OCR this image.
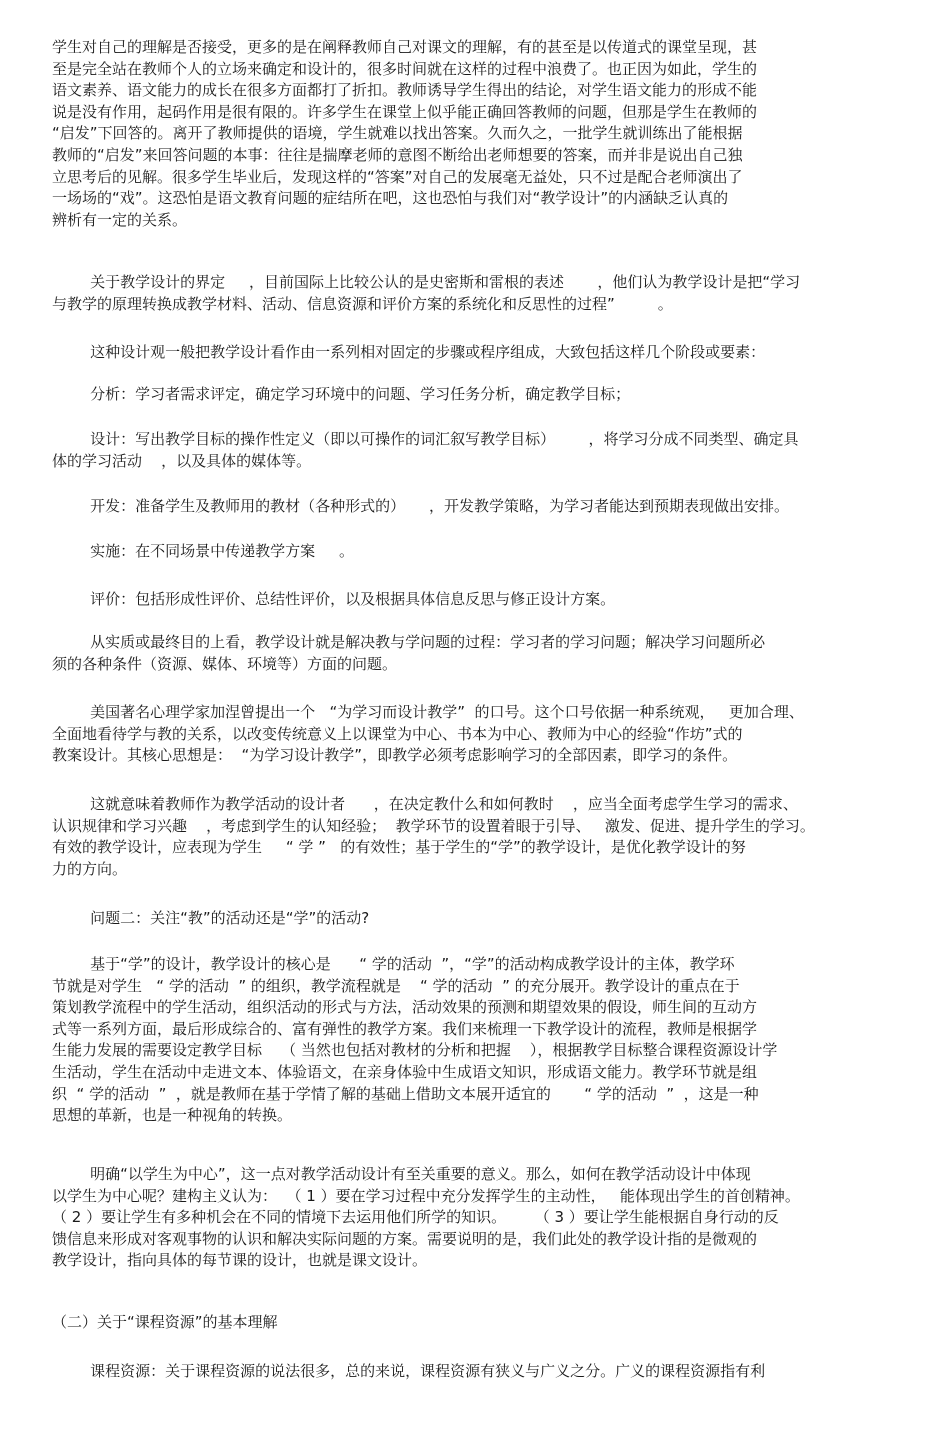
学生对自己的理解是否接受，更多的是在阐释教师自己对课文的理解，有的甚至是以传道式的课堂呈现，甚
至是完全站在教师个人的立场来确定和设计的，很多时间就在这样的过程中浪费了。也正因为如此，学生的
语文素养、语文能力的成长在很多方面都打了折扣。教师诱导学生得出的结论，对学生语文能力的形成不能
说是没有作用，起码作用是很有限的。许多学生在课堂上似乎能正确回答教师的问题，但那是学生在教师的
“启发”下回答的。离开了教师提供的语境，学生就难以找出答案。久而久之，一批学生就训练出了能根据
教师的“启发”来回答问题的本事：往往是揣摩老师的意图不断给出老师想要的答案，而并非是说出自己独
立思考后的见解。很多学生毕业后，发现这样的“答案”对自己的发展毫无益处，只不过是配合老师演出了
一场场的“戏”。这恐怕是语文教育问题的症结所在吧，这也恐怕与我们对“教学设计”的内涵缺乏认真的
辨析有一定的关系。
关于教学设计的界定     ，目前国际上比较公认的是史密斯和雷根的表述       ，他们认为教学设计是把“学习
与教学的原理转换成教学材料、活动、信息资源和评价方案的系统化和反思性的过程”         。
这种设计观一般把教学设计看作由一系列相对固定的步骤或程序组成，大致包括这样几个阶段或要素：
分析：学习者需求评定，确定学习环境中的问题、学习任务分析，确定教学目标；
设计：写出教学目标的操作性定义（即以可操作的词汇叙写教学目标）       ，将学习分成不同类型、确定具
体的学习活动    ，以及具体的媒体等。
开发：准备学生及教师用的教材（各种形式的）     ，开发教学策略，为学习者能达到预期表现做出安排。
实施：在不同场景中传递教学方案     。
评价：包括形成性评价、总结性评价，以及根据具体信息反思与修正设计方案。
从实质或最终目的上看，教学设计就是解决教与学问题的过程：学习者的学习问题；解决学习问题所必
须的各种条件（资源、媒体、环境等）方面的问题。
美国著名心理学家加涅曾提出一个   “为学习而设计教学”  的口号。这个口号依据一种系统观，   更加合理、
全面地看待学与教的关系，以改变传统意义上以课堂为中心、书本为中心、教师为中心的经验“作坊”式的
教案设计。其核心思想是：  “为学习设计教学”，即教学必须考虑影响学习的全部因素，即学习的条件。
这就意味着教师作为教学活动的设计者      ，在决定教什么和如何教时    ，应当全面考虑学生学习的需求、
认识规律和学习兴趣    ，考虑到学生的认知经验；  教学环节的设置着眼于引导、   激发、促进、提升学生的学习。
有效的教学设计，应表现为学生     “ 学 ”   的有效性；基于学生的“学”的教学设计，是优化教学设计的努
力的方向。
问题二：关注“教”的活动还是“学”的活动?
基于“学”的设计，教学设计的核心是      “ 学的活动  ”，“学”的活动构成教学设计的主体，教学环
节就是对学生   “ 学的活动  ” 的组织，教学流程就是    “ 学的活动  ” 的充分展开。教学设计的重点在于
策划教学流程中的学生活动，组织活动的形式与方法，活动效果的预测和期望效果的假设，师生间的互动方
式等一系列方面，最后形成综合的、富有弹性的教学方案。我们来梳理一下教学设计的流程，教师是根据学
生能力发展的需要设定教学目标    （ 当然也包括对教材的分析和把握    ），根据教学目标整合课程资源设计学
生活动，学生在活动中走进文本、体验语文，在亲身体验中生成语文知识，形成语文能力。教学环节就是组
织  “ 学的活动  ”  ，就是教师在基于学情了解的基础上借助文本展开适宜的       “ 学的活动  ”  ，这是一种
思想的革新，也是一种视角的转换。
明确“以学生为中心”，这一点对教学活动设计有至关重要的意义。那么，如何在教学活动设计中体现
以学生为中心呢？建构主义认为：  （ 1 ）要在学习过程中充分发挥学生的主动性，   能体现出学生的首创精神。
（ 2 ）要让学生有多种机会在不同的情境下去运用他们所学的知识。      （ 3 ）要让学生能根据自身行动的反
馈信息来形成对客观事物的认识和解决实际问题的方案。需要说明的是，我们此处的教学设计指的是微观的
教学设计，指向具体的每节课的设计，也就是课文设计。
（二）关于“课程资源”的基本理解
课程资源：关于课程资源的说法很多，总的来说，课程资源有狭义与广义之分。广义的课程资源指有利
